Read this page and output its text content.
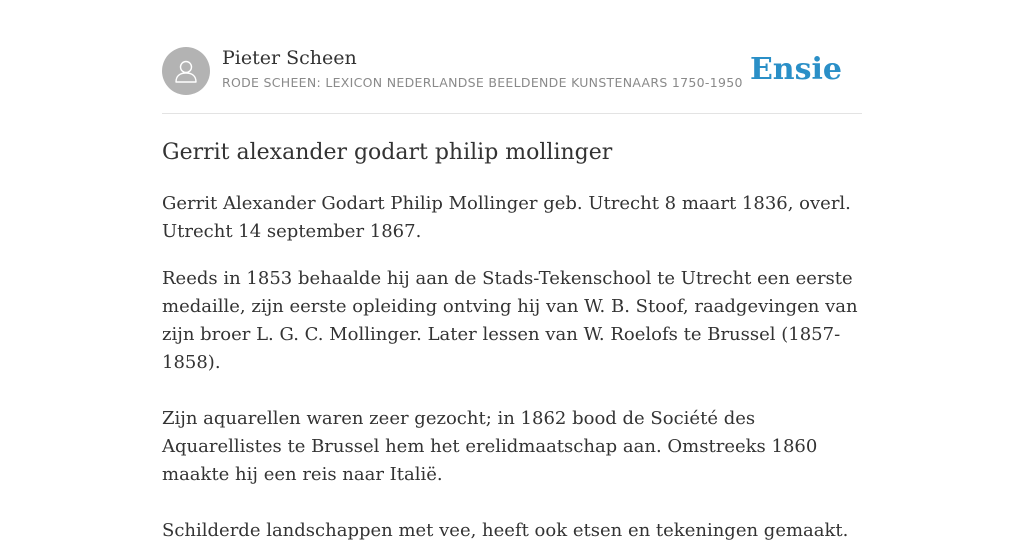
Pieter Scheen
RODE SCHEEN: LEXICON NEDERLANDSE BEELDENDE KUNSTENAARS 1750-1950 Ensie
Gerrit alexander godart philip mollinger

Gerrit Alexander Godart Philip Mollinger geb. Utrecht 8 maart 1836, overl. Utrecht 14 september 1867.

Reeds in 1853 behaalde hij aan de Stads-Tekenschool te Utrecht een eerste medaille, zijn eerste opleiding ontving hij van W. B. Stoof, raadgevingen van zijn broer L. G. C. Mollinger. Later lessen van W. Roelofs te Brussel (1857-1858).

Zijn aquarellen waren zeer gezocht; in 1862 bood de Société des Aquarellistes te Brussel hem het erelidmaatschap aan. Omstreeks 1860 maakte hij een reis naar Italië.

Schilderde landschappen met vee, heeft ook etsen en tekeningen gemaakt.
